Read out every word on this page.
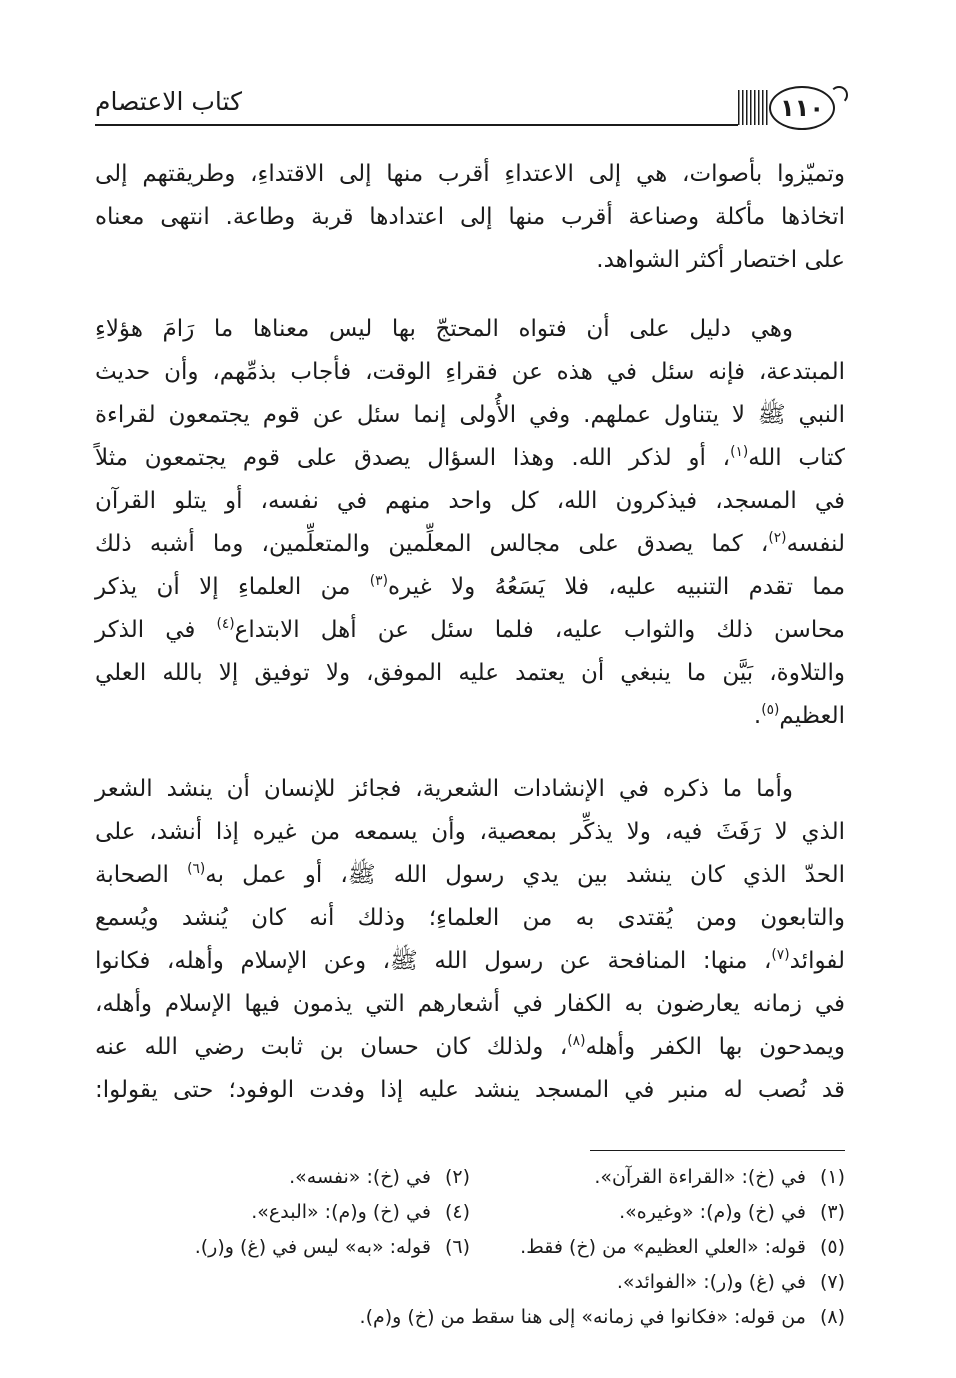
كتاب الاعتصام	١١٠
وتميّزوا بأصوات، هي إلى الاعتداءِ أقرب منها إلى الاقتداءِ، وطريقتهم إلى
اتخاذها مأكلة وصناعة أقرب منها إلى اعتدادها قربة وطاعة. انتهى معناه
على اختصار أكثر الشواهد.
وهي دليل على أن فتواه المحتجّ بها ليس معناها ما رَامَ هؤلاءِ
المبتدعة، فإنه سئل في هذه عن فقراءِ الوقت، فأجاب بذمِّهم، وأن حديث
النبي ﷺ لا يتناول عملهم. وفي الأُولى إنما سئل عن قوم يجتمعون لقراءة
كتاب الله$^{(١)}$، أو لذكر الله. وهذا السؤال يصدق على قوم يجتمعون مثلاً
في المسجد، فيذكرون الله، كل واحد منهم في نفسه، أو يتلو القرآن
لنفسه$^{(٢)}$، كما يصدق على مجالس المعلِّمين والمتعلِّمين، وما أشبه ذلك
مما تقدم التنبيه عليه، فلا يَسَعُهُ ولا غيره$^{(٣)}$ من العلماءِ إلا أن يذكر
محاسن ذلك والثواب عليه، فلما سئل عن أهل الابتداع$^{(٤)}$ في الذكر
والتلاوة، بَيَّن ما ينبغي أن يعتمد عليه الموفق، ولا توفيق إلا بالله العلي
العظيم$^{(٥)}$.
وأما ما ذكره في الإنشادات الشعرية، فجائز للإنسان أن ينشد الشعر
الذي لا رَفَثَ فيه، ولا يذكِّر بمعصية، وأن يسمعه من غيره إذا أنشد، على
الحدّ الذي كان ينشد بين يدي رسول الله ﷺ، أو عمل به$^{(٦)}$ الصحابة
والتابعون ومن يُقتدى به من العلماءِ؛ وذلك أنه كان يُنشد ويُسمع
لفوائد$^{(٧)}$، منها: المنافحة عن رسول الله ﷺ، وعن الإسلام وأهله، فكانوا
في زمانه يعارضون به الكفار في أشعارهم التي يذمون فيها الإسلام وأهله،
ويمدحون بها الكفر وأهله$^{(٨)}$، ولذلك كان حسان بن ثابت رضي الله عنه
قد نُصب له منبر في المسجد ينشد عليه إذا وفدت الوفود؛ حتى يقولوا:
(١)
في (خ): «القراءة القرآن».
(٢)
في (خ): «نفسه».
(٣)
في (خ) و(م): «وغيره».
(٤)
في (خ) و(م): «البدع».
(٥)
قوله: «العلي العظيم» من (خ) فقط.
(٦)
قوله: «به» ليس في (غ) و(ر).
(٧)
في (غ) و(ر): «الفوائد».
(٨)
من قوله: «فكانوا في زمانه» إلى هنا سقط من (خ) و(م).
